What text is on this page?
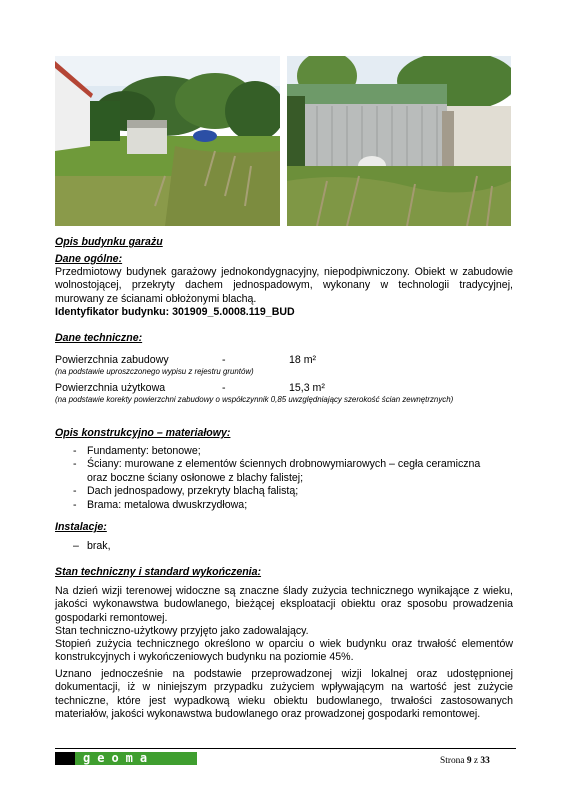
Opis budynku garażu
Dane ogólne:
Przedmiotowy budynek garażowy jednokondygnacyjny, niepodpiwniczony. Obiekt w zabudowie wolnostojącej, przekryty dachem jednospadowym, wykonany w technologii tradycyjnej, murowany ze ścianami obłożonymi blachą.
Identyfikator budynku: 301909_5.0008.119_BUD
Dane techniczne:
Powierzchnia zabudowy	-	18 m²
(na podstawie uproszczonego wypisu z rejestru gruntów)
Powierzchnia użytkowa	-	15,3 m²
(na podstawie korekty powierzchni zabudowy o współczynnik 0,85 uwzględniający szerokość ścian zewnętrznych)
Opis konstrukcyjno – materiałowy:
- Fundamenty: betonowe;
- Ściany: murowane z elementów ściennych drobnowymiarowych – cegła ceramiczna oraz boczne ściany osłonowe z blachy falistej;
- Dach jednospadowy, przekryty blachą falistą;
- Brama: metalowa dwuskrzydłowa;
Instalacje:
– brak,
Stan techniczny i standard wykończenia:
Na dzień wizji terenowej widoczne są znaczne ślady zużycia technicznego wynikające z wieku, jakości wykonawstwa budowlanego, bieżącej eksploatacji obiektu oraz sposobu prowadzenia gospodarki remontowej.
Stan techniczno-użytkowy przyjęto jako zadowalający.
Stopień zużycia technicznego określono w oparciu o wiek budynku oraz trwałość elementów konstrukcyjnych i wykończeniowych budynku na poziomie 45%.
Uznano jednocześnie na podstawie przeprowadzonej wizji lokalnej oraz udostępnionej dokumentacji, iż w niniejszym przypadku zużyciem wpływającym na wartość jest zużycie techniczne, które jest wypadkową wieku obiektu budowlanego, trwałości zastosowanych materiałów, jakości wykonawstwa budowlanego oraz prowadzonej gospodarki remontowej.
geoma	Strona 9 z 33
